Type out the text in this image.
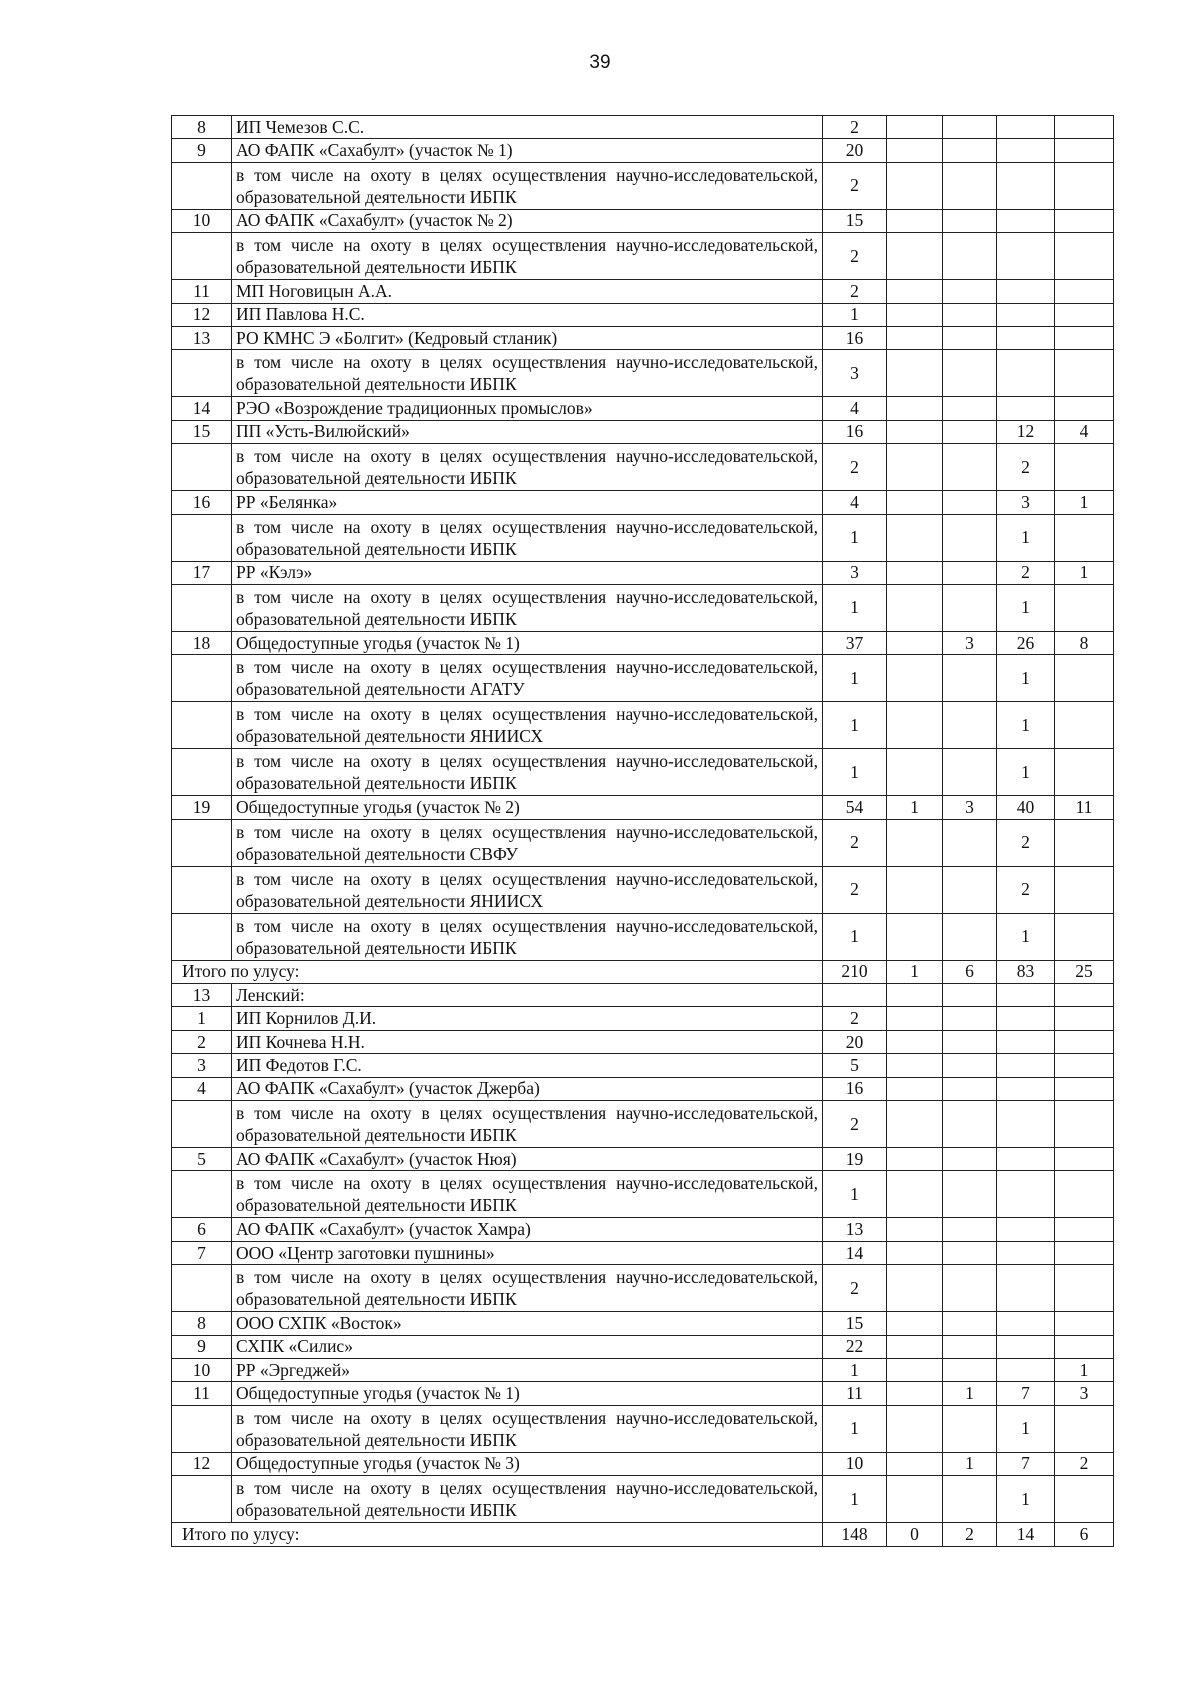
39
8	ИП Чемезов С.С.	2				
9	АО ФАПК «Сахабулт» (участок № 1)	20				
	в том числе на охоту в целях осуществления научно-исследовательской, образовательной деятельности ИБПК	2				
10	АО ФАПК «Сахабулт» (участок № 2)	15				
	в том числе на охоту в целях осуществления научно-исследовательской, образовательной деятельности ИБПК	2				
11	МП Ноговицын А.А.	2				
12	ИП Павлова Н.С.	1				
13	РО КМНС Э «Болгит» (Кедровый стланик)	16				
	в том числе на охоту в целях осуществления научно-исследовательской, образовательной деятельности ИБПК	3				
14	РЭО «Возрождение традиционных промыслов»	4				
15	ПП «Усть-Вилюйский»	16			12	4
	в том числе на охоту в целях осуществления научно-исследовательской, образовательной деятельности ИБПК	2			2	
16	РР «Белянка»	4			3	1
	в том числе на охоту в целях осуществления научно-исследовательской, образовательной деятельности ИБПК	1			1	
17	РР «Кэлэ»	3			2	1
	в том числе на охоту в целях осуществления научно-исследовательской, образовательной деятельности ИБПК	1			1	
18	Общедоступные угодья (участок № 1)	37		3	26	8
	в том числе на охоту в целях осуществления научно-исследовательской, образовательной деятельности АГАТУ	1			1	
	в том числе на охоту в целях осуществления научно-исследовательской, образовательной деятельности ЯНИИСХ	1			1	
	в том числе на охоту в целях осуществления научно-исследовательской, образовательной деятельности ИБПК	1			1	
19	Общедоступные угодья (участок № 2)	54	1	3	40	11
	в том числе на охоту в целях осуществления научно-исследовательской, образовательной деятельности СВФУ	2			2	
	в том числе на охоту в целях осуществления научно-исследовательской, образовательной деятельности ЯНИИСХ	2			2	
	в том числе на охоту в целях осуществления научно-исследовательской, образовательной деятельности ИБПК	1			1	
Итого по улусу:		210	1	6	83	25
13	Ленский:					
1	ИП Корнилов Д.И.	2				
2	ИП Кочнева Н.Н.	20				
3	ИП Федотов Г.С.	5				
4	АО ФАПК «Сахабулт» (участок Джерба)	16				
	в том числе на охоту в целях осуществления научно-исследовательской, образовательной деятельности ИБПК	2				
5	АО ФАПК «Сахабулт» (участок Нюя)	19				
	в том числе на охоту в целях осуществления научно-исследовательской, образовательной деятельности ИБПК	1				
6	АО ФАПК «Сахабулт» (участок Хамра)	13				
7	ООО «Центр заготовки пушнины»	14				
	в том числе на охоту в целях осуществления научно-исследовательской, образовательной деятельности ИБПК	2				
8	ООО СХПК «Восток»	15				
9	СХПК «Силис»	22				
10	РР «Эргеджей»	1				1
11	Общедоступные угодья (участок № 1)	11		1	7	3
	в том числе на охоту в целях осуществления научно-исследовательской, образовательной деятельности ИБПК	1			1	
12	Общедоступные угодья (участок № 3)	10		1	7	2
	в том числе на охоту в целях осуществления научно-исследовательской, образовательной деятельности ИБПК	1			1	
Итого по улусу:		148	0	2	14	6
